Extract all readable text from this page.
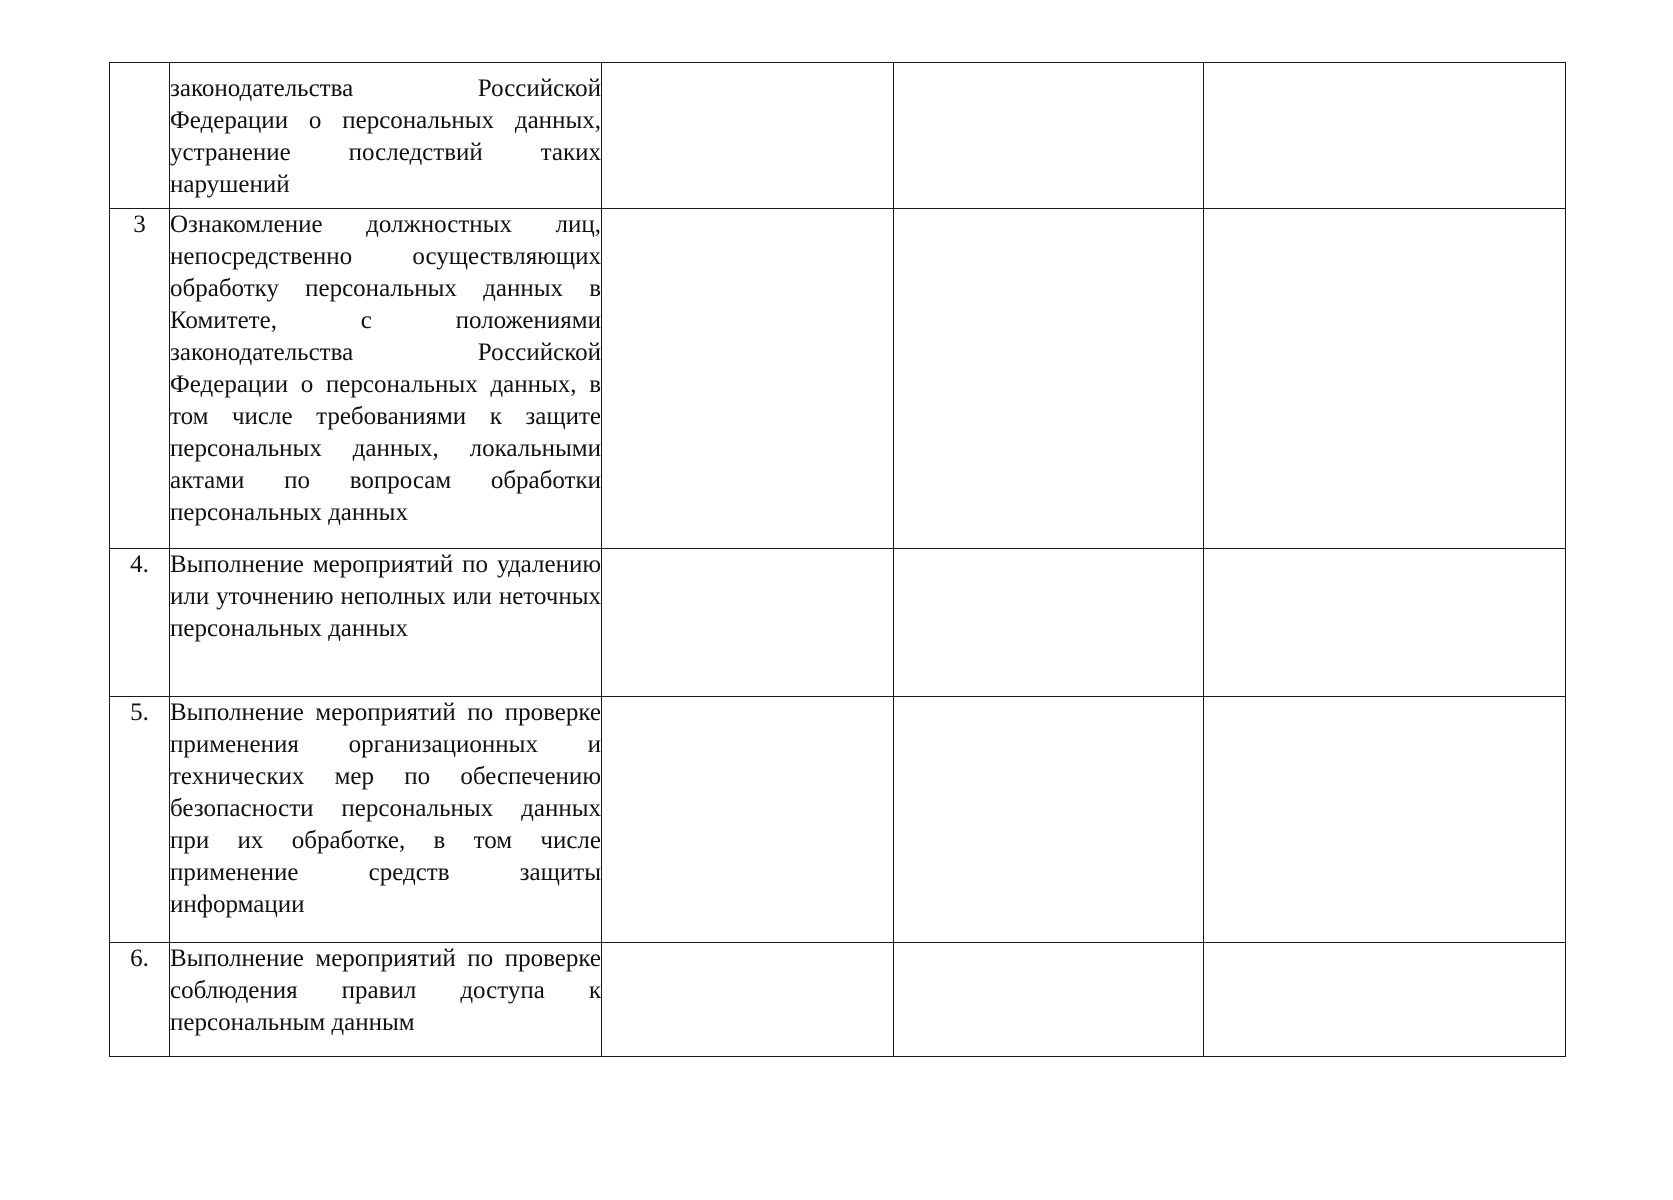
	законодательства Российской Федерации о персональных данных, устранение последствий таких нарушений			
3	Ознакомление должностных лиц, непосредственно осуществляющих обработку персональных данных в Комитете, с положениями законодательства Российской Федерации о персональных данных, в том числе требованиями к защите персональных данных, локальными актами по вопросам обработки персональных данных			
4.	Выполнение мероприятий по удалению или уточнению неполных или неточных персональных данных			
5.	Выполнение мероприятий по проверке применения организационных и технических мер по обеспечению безопасности персональных данных при их обработке, в том числе применение средств защиты информации			
6.	Выполнение мероприятий по проверке соблюдения правил доступа к персональным данным			
